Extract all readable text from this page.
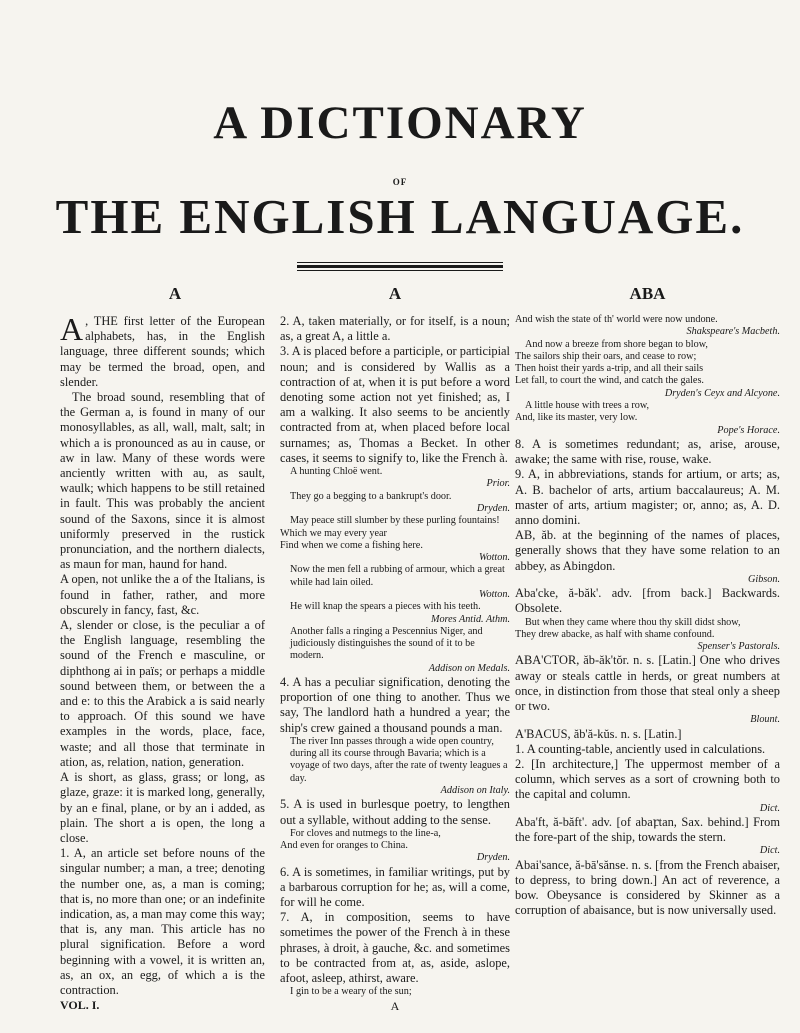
A DICTIONARY
OF
THE ENGLISH LANGUAGE.
A	A	ABA

A , THE first letter of the European alphabets, has, in the English language, three different sounds; which may be termed the broad, open, and slender.

The broad sound, resembling that of the German a, is found in many of our monosyllables, as all, wall, malt, salt; in which a is pronounced as au in cause, or aw in law. Many of these words were anciently written with au, as sault, waulk; which happens to be still retained in fault. This was probably the ancient sound of the Saxons, since it is almost uniformly preserved in the rustick pronunciation, and the northern dialects, as maun for man, haund for hand.

A open, not unlike the a of the Italians, is found in father, rather, and more obscurely in fancy, fast, &c.

A, slender or close, is the peculiar a of the English language, resembling the sound of the French e masculine, or diphthong ai in païs; or perhaps a middle sound between them, or between the a and e: to this the Arabick a is said nearly to approach. Of this sound we have examples in the words, place, face, waste; and all those that terminate in ation, as, relation, nation, generation.

A is short, as glass, grass; or long, as glaze, graze: it is marked long, generally, by an e final, plane, or by an i added, as plain. The short a is open, the long a close.

1. A, an article set before nouns of the singular number; a man, a tree; denoting the number one, as, a man is coming; that is, no more than one; or an indefinite indication, as, a man may come this way; that is, any man. This article has no plural signification. Before a word beginning with a vowel, it is written an, as, an ox, an egg, of which a is the contraction.

VOL. I.

2. A, taken materially, or for itself, is a noun; as, a great A, a little a.

3. A is placed before a participle, or participial noun; and is considered by Wallis as a contraction of at, when it is put before a word denoting some action not yet finished; as, I am a walking. It also seems to be anciently contracted from at, when placed before local surnames; as, Thomas a Becket. In other cases, it seems to signify to, like the French à.

A hunting Chloë went.

Prior.

They go a begging to a bankrupt's door.

Dryden.

May peace still slumber by these purling fountains!

Which we may every year

Find when we come a fishing here.

Wotton.

Now the men fell a rubbing of armour, which a great while had lain oiled.

Wotton.

He will knap the spears a pieces with his teeth.

Mores Antid. Athm.

Another falls a ringing a Pescennius Niger, and judiciously distinguishes the sound of it to be modern.

Addison on Medals.

4. A has a peculiar signification, denoting the proportion of one thing to another. Thus we say, The landlord hath a hundred a year; the ship's crew gained a thousand pounds a man.

The river Inn passes through a wide open country, during all its course through Bavaria; which is a voyage of two days, after the rate of twenty leagues a day.

Addison on Italy.

5. A is used in burlesque poetry, to lengthen out a syllable, without adding to the sense.

For cloves and nutmegs to the line-a,

And even for oranges to China.

Dryden.

6. A is sometimes, in familiar writings, put by a barbarous corruption for he; as, will a come, for will he come.

7. A, in composition, seems to have sometimes the power of the French à in these phrases, à droit, à gauche, &c. and sometimes to be contracted from at, as, aside, aslope, afoot, asleep, athirst, aware.

I gin to be a weary of the sun;

A

And wish the state of th' world were now undone.

Shakspeare's Macbeth.

And now a breeze from shore began to blow,

The sailors ship their oars, and cease to row;

Then hoist their yards a-trip, and all their sails

Let fall, to court the wind, and catch the gales.

Dryden's Ceyx and Alcyone.

A little house with trees a row,

And, like its master, very low.

Pope's Horace.

8. A is sometimes redundant; as, arise, arouse, awake; the same with rise, rouse, wake.

9. A, in abbreviations, stands for artium, or arts; as, A. B. bachelor of arts, artium baccalaureus; A. M. master of arts, artium magister; or, anno; as, A. D. anno domini.

AB, ăb. at the beginning of the names of places, generally shows that they have some relation to an abbey, as Abingdon.

Gibson.

Aba'cke, ă-băk'. adv. [from back.] Backwards. Obsolete.

But when they came where thou thy skill didst show,

They drew abacke, as half with shame confound.

Spenser's Pastorals.

ABA'CTOR, ăb-ăk'tŏr. n. s. [Latin.] One who drives away or steals cattle in herds, or great numbers at once, in distinction from those that steal only a sheep or two.

Blount.

A'BACUS, ăb'ă-kŭs. n. s. [Latin.]

1. A counting-table, anciently used in calculations.

2. [In architecture,] The uppermost member of a column, which serves as a sort of crowning both to the capital and column.

Dict.

Aba'ft, ă-băft'. adv. [of abaꝼtan, Sax. behind.] From the fore-part of the ship, towards the stern.

Dict.

Abai'sance, ă-bā'sănse. n. s. [from the French abaiser, to depress, to bring down.] An act of reverence, a bow. Obeysance is considered by Skinner as a corruption of abaisance, but is now universally used.
